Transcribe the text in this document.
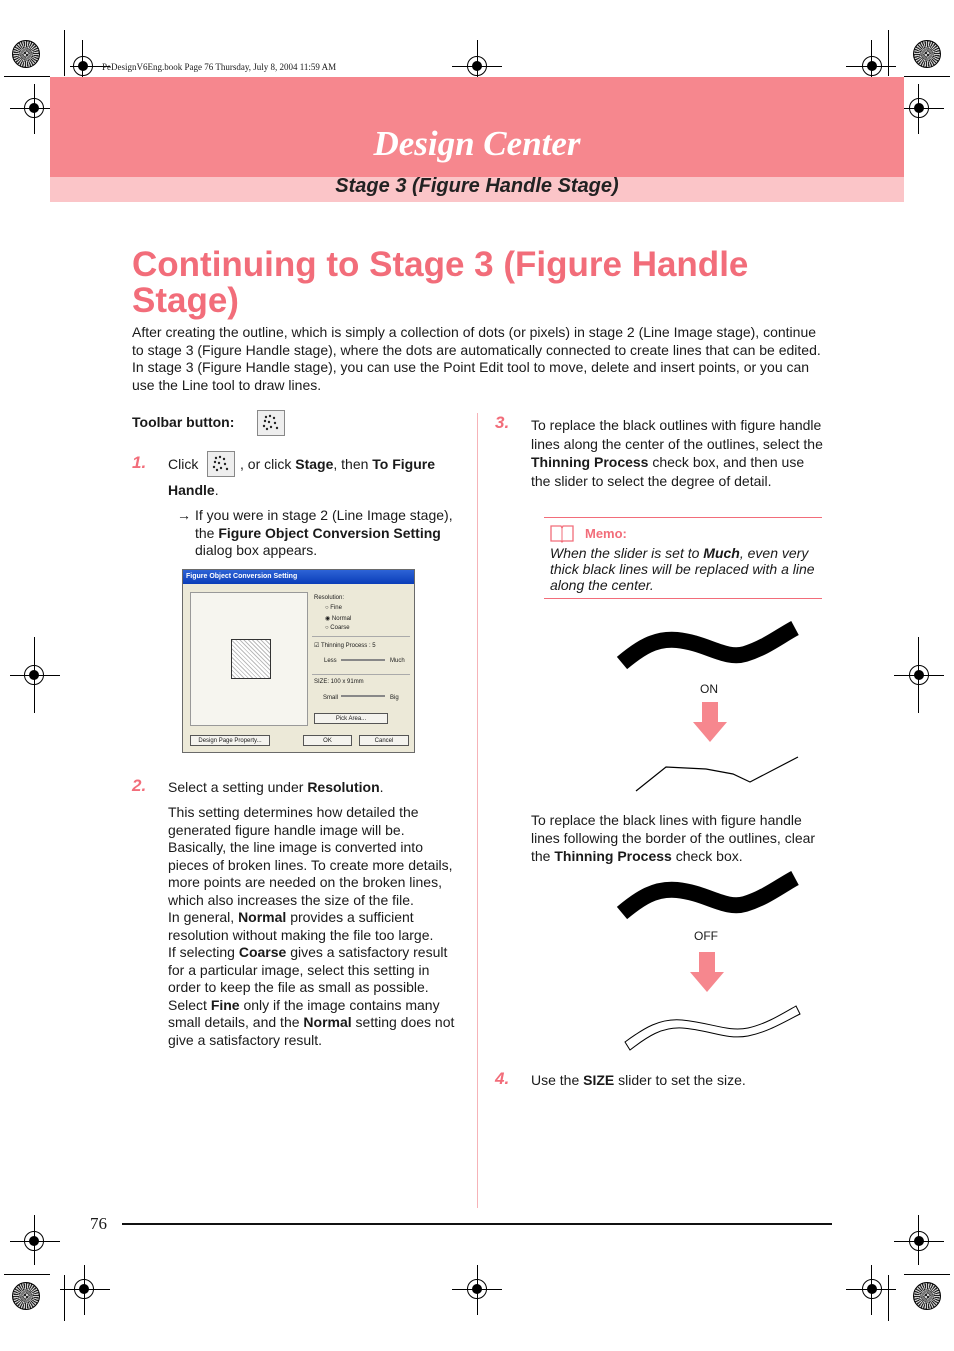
PeDesignV6Eng.book Page 76 Thursday, July 8, 2004 11:59 AM
Design Center
Stage 3 (Figure Handle Stage)
Continuing to Stage 3 (Figure Handle Stage)
After creating the outline, which is simply a collection of dots (or pixels) in stage 2 (Line Image stage), continue to stage 3 (Figure Handle stage), where the dots are automatically connected to create lines that can be edited. In stage 3 (Figure Handle stage), you can use the Point Edit tool to move, delete and insert points, or you can use the Line tool to draw lines.
Toolbar button:
1. Click	, or click Stage, then To Figure
Handle.
→ If you were in stage 2 (Line Image stage), the Figure Object Conversion Setting dialog box appears.
Figure Object Conversion Setting
Resolution:
○ Fine
◉ Normal
○ Coarse
☑ Thinning Process : 5
Less	Much
SIZE: 100 x 91mm
Small	Big
Pick Area...
Design Page Property...	OK	Cancel
2. Select a setting under Resolution.
This setting determines how detailed the generated figure handle image will be. Basically, the line image is converted into pieces of broken lines. To create more details, more points are needed on the broken lines, which also increases the size of the file.
In general, Normal provides a sufficient resolution without making the file too large.
If selecting Coarse gives a satisfactory result for a particular image, select this setting in order to keep the file as small as possible.
Select Fine only if the image contains many small details, and the Normal setting does not give a satisfactory result.
3. To replace the black outlines with figure handle lines along the center of the outlines, select the Thinning Process check box, and then use the slider to select the degree of detail.
Memo:
When the slider is set to Much, even very thick black lines will be replaced with a line along the center.
ON
To replace the black lines with figure handle lines following the border of the outlines, clear the Thinning Process check box.
OFF
4. Use the SIZE slider to set the size.
76
